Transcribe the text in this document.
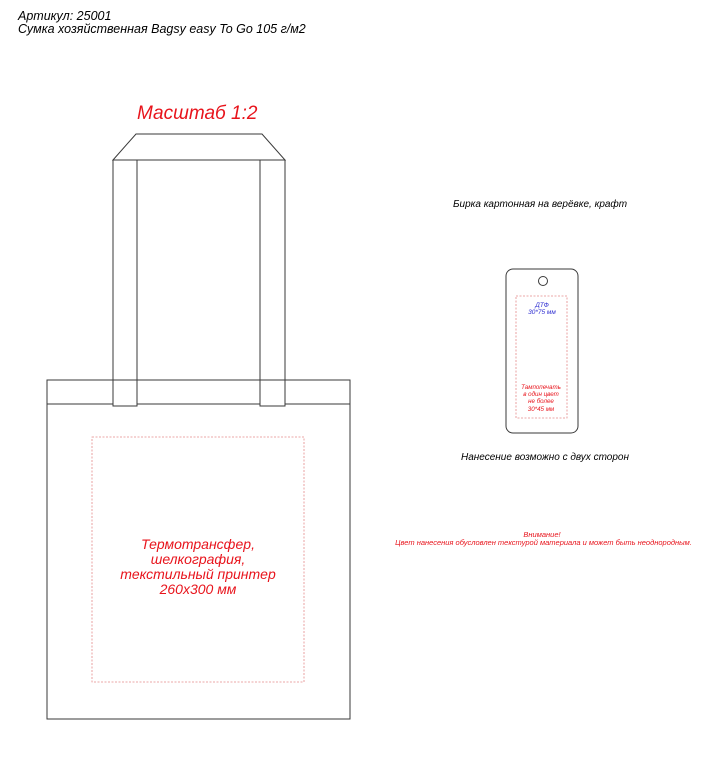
Артикул: 25001
Сумка хозяйственная Bagsy easy To Go 105 г/м2
Масштаб 1:2
Термотрансфер,
шелкография,
текстильный принтер
260х300 мм
Бирка картонная на верёвке, крафт
ДТФ
30*75 мм
Тампопечать
в один цвет
не более
30*45 мм
Нанесение возможно с двух сторон
Внимание!
Цвет нанесения обусловлен текстурой материала и может быть неоднородным.
